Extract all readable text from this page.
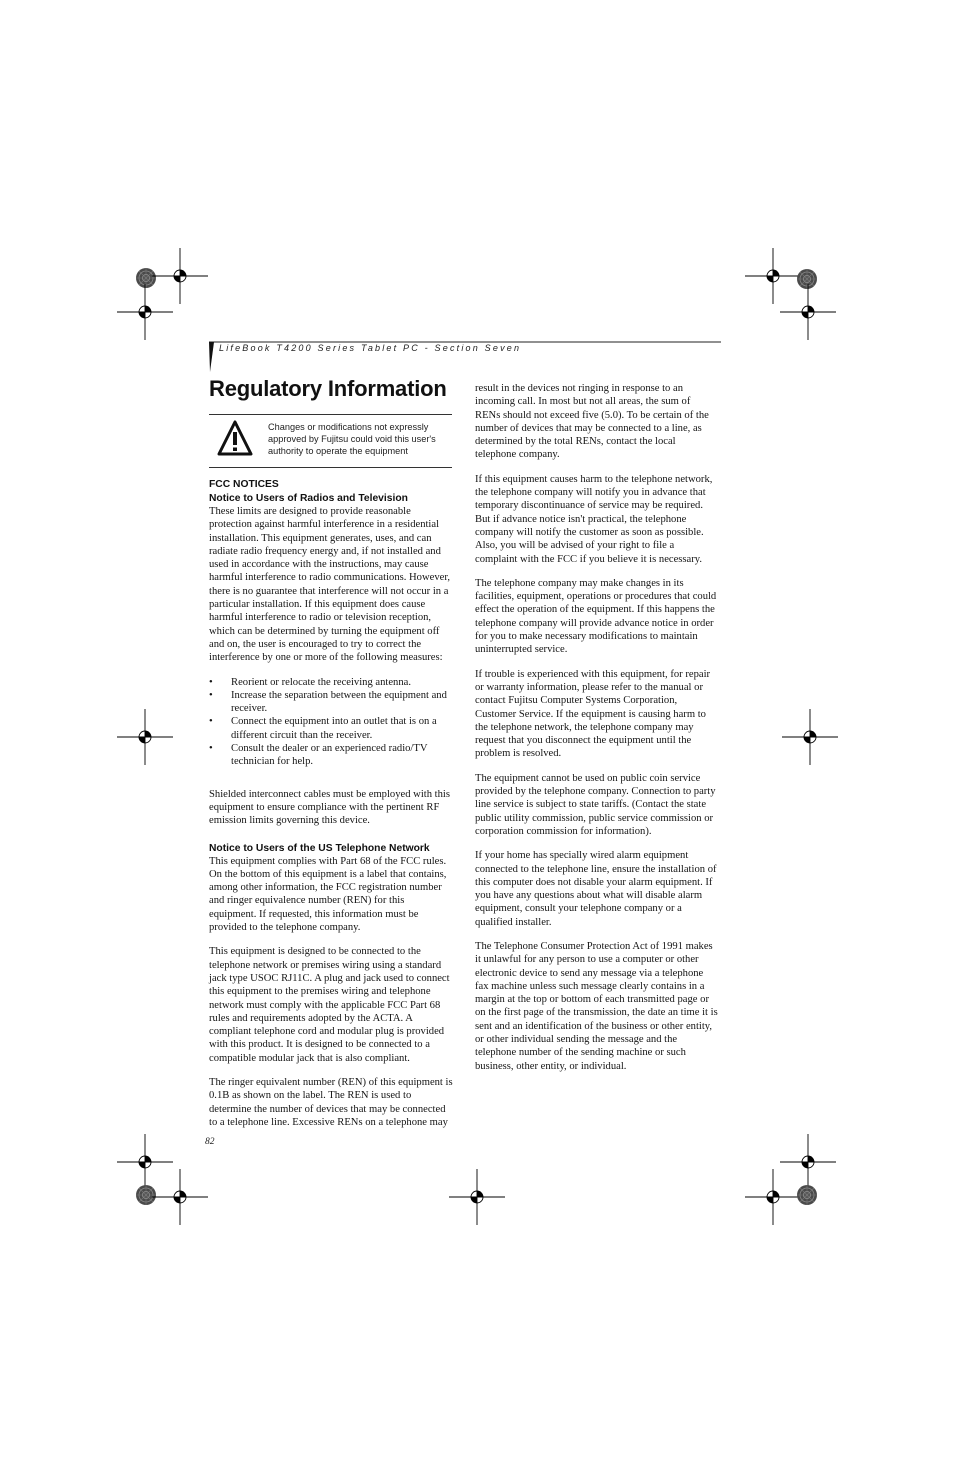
LifeBook T4200 Series Tablet PC - Section Seven
Regulatory Information
Changes or modifications not expressly approved by Fujitsu could void this user's authority to operate the equipment
FCC NOTICES
Notice to Users of Radios and Television

These limits are designed to provide reasonable protection against harmful interference in a residential installation. This equipment generates, uses, and can radiate radio frequency energy and, if not installed and used in accordance with the instructions, may cause harmful interference to radio communications. However, there is no guarantee that interference will not occur in a particular installation. If this equipment does cause harmful interference to radio or television reception, which can be determined by turning the equipment off and on, the user is encouraged to try to correct the interference by one or more of the following measures:

• Reorient or relocate the receiving antenna.
• Increase the separation between the equipment and receiver.
• Connect the equipment into an outlet that is on a different circuit than the receiver.
• Consult the dealer or an experienced radio/TV technician for help.

Shielded interconnect cables must be employed with this equipment to ensure compliance with the pertinent RF emission limits governing this device.

Notice to Users of the US Telephone Network

This equipment complies with Part 68 of the FCC rules. On the bottom of this equipment is a label that contains, among other information, the FCC registration number and ringer equivalence number (REN) for this equipment. If requested, this information must be provided to the telephone company.

This equipment is designed to be connected to the telephone network or premises wiring using a standard jack type USOC RJ11C. A plug and jack used to connect this equipment to the premises wiring and telephone network must comply with the applicable FCC Part 68 rules and requirements adopted by the ACTA. A compliant telephone cord and modular plug is provided with this product. It is designed to be connected to a compatible modular jack that is also compliant.

The ringer equivalent number (REN) of this equipment is 0.1B as shown on the label. The REN is used to determine the number of devices that may be connected to a telephone line. Excessive RENs on a telephone may

result in the devices not ringing in response to an incoming call. In most but not all areas, the sum of RENs should not exceed five (5.0). To be certain of the number of devices that may be connected to a line, as determined by the total RENs, contact the local telephone company.

If this equipment causes harm to the telephone network, the telephone company will notify you in advance that temporary discontinuance of service may be required. But if advance notice isn't practical, the telephone company will notify the customer as soon as possible. Also, you will be advised of your right to file a complaint with the FCC if you believe it is necessary.

The telephone company may make changes in its facilities, equipment, operations or procedures that could effect the operation of the equipment. If this happens the telephone company will provide advance notice in order for you to make necessary modifications to maintain uninterrupted service.

If trouble is experienced with this equipment, for repair or warranty information, please refer to the manual or contact Fujitsu Computer Systems Corporation, Customer Service. If the equipment is causing harm to the telephone network, the telephone company may request that you disconnect the equipment until the problem is resolved.

The equipment cannot be used on public coin service provided by the telephone company. Connection to party line service is subject to state tariffs. (Contact the state public utility commission, public service commission or corporation commission for information).

If your home has specially wired alarm equipment connected to the telephone line, ensure the installation of this computer does not disable your alarm equipment. If you have any questions about what will disable alarm equipment, consult your telephone company or a qualified installer.

The Telephone Consumer Protection Act of 1991 makes it unlawful for any person to use a computer or other electronic device to send any message via a telephone fax machine unless such message clearly contains in a margin at the top or bottom of each transmitted page or on the first page of the transmission, the date an time it is sent and an identification of the business or other entity, or other individual sending the message and the telephone number of the sending machine or such business, other entity, or individual.

82
